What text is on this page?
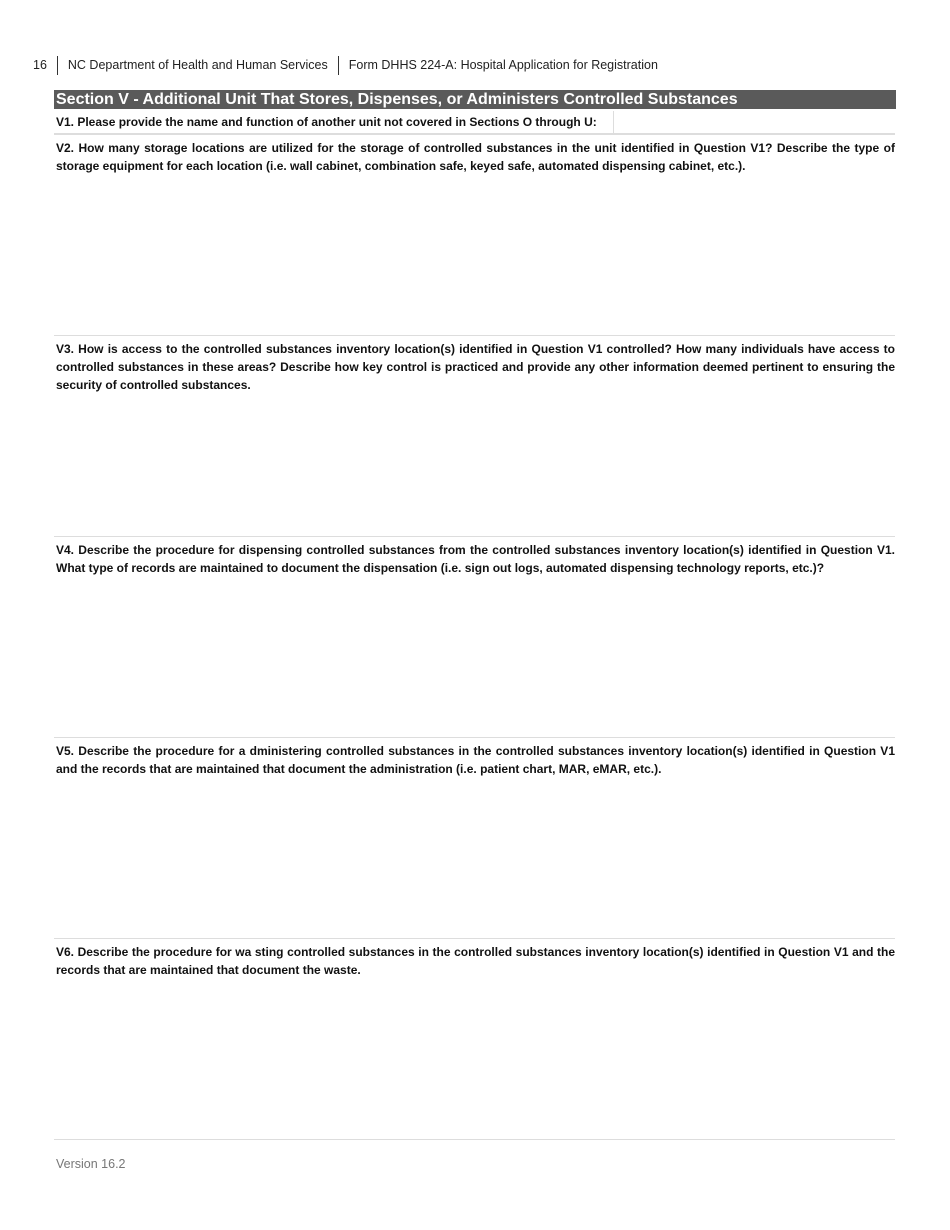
16 NC Department of Health and Human Services Form DHHS 224-A: Hospital Application for Registration
Section V - Additional Unit That Stores, Dispenses, or Administers Controlled Substances
V1. Please provide the name and function of another unit not covered in Sections O through U:
V2. How many storage locations are utilized for the storage of controlled substances in the unit identified in Question V1? Describe the type of storage equipment for each location (i.e. wall cabinet, combination safe, keyed safe, automated dispensing cabinet, etc.).
V3. How is access to the controlled substances inventory location(s) identified in Question V1 controlled? How many individuals have access to controlled substances in these areas? Describe how key control is practiced and provide any other information deemed pertinent to ensuring the security of controlled substances.
V4. Describe the procedure for dispensing controlled substances from the controlled substances inventory location(s) identified in Question V1. What type of records are maintained to document the dispensation (i.e. sign out logs, automated dispensing technology reports, etc.)?
V5. Describe the procedure for a dministering controlled substances in the controlled substances inventory location(s) identified in Question V1 and the records that are maintained that document the administration (i.e. patient chart, MAR, eMAR, etc.).
V6. Describe the procedure for wa sting controlled substances in the controlled substances inventory location(s) identified in Question V1 and the records that are maintained that document the waste.
Version 16.2
